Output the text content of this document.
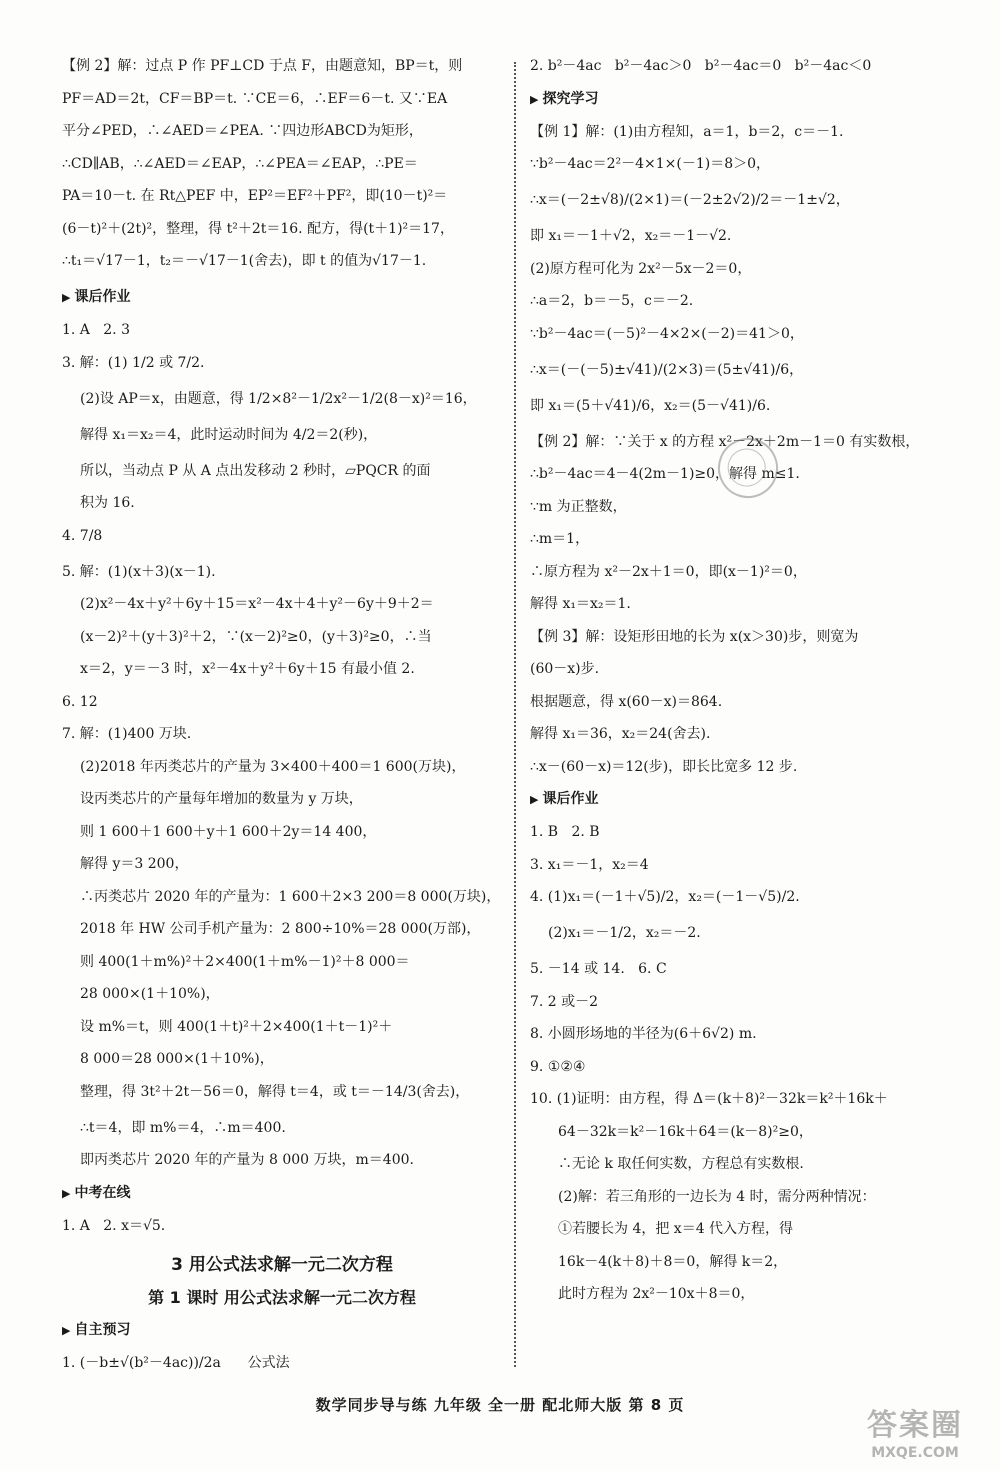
【例 2】解：过点 P 作 PF⊥CD 于点 F，由题意知，BP＝t，则
PF＝AD＝2t，CF＝BP＝t. ∵CE＝6，∴EF＝6－t. 又∵EA
平分∠PED，∴∠AED＝∠PEA. ∵四边形ABCD为矩形，
∴CD∥AB，∴∠AED＝∠EAP，∴∠PEA＝∠EAP，∴PE＝
PA＝10－t. 在 Rt△PEF 中，EP²＝EF²＋PF²，即(10－t)²＝
(6－t)²＋(2t)²，整理，得 t²＋2t＝16. 配方，得(t＋1)²＝17，
∴t₁＝√17－1，t₂＝－√17－1(舍去)，即 t 的值为√17－1.
▶ 课后作业
1. A   2. 3
3. 解：(1) 1/2 或 7/2.
(2)设 AP＝x，由题意，得 1/2×8²－1/2x²－1/2(8－x)²＝16，
解得 x₁＝x₂＝4，此时运动时间为 4/2＝2(秒)，
所以，当动点 P 从 A 点出发移动 2 秒时，▱PQCR 的面
积为 16.
4. 7/8
5. 解：(1)(x＋3)(x－1).
(2)x²－4x＋y²＋6y＋15＝x²－4x＋4＋y²－6y＋9＋2＝
(x－2)²＋(y＋3)²＋2，∵(x－2)²≥0，(y＋3)²≥0，∴当
x＝2，y＝－3 时，x²－4x＋y²＋6y＋15 有最小值 2.
6. 12
7. 解：(1)400 万块.
(2)2018 年丙类芯片的产量为 3×400＋400＝1 600(万块)，
设丙类芯片的产量每年增加的数量为 y 万块，
则 1 600＋1 600＋y＋1 600＋2y＝14 400，
解得 y＝3 200，
∴丙类芯片 2020 年的产量为：1 600＋2×3 200＝8 000(万块)，
2018 年 HW 公司手机产量为：2 800÷10%＝28 000(万部)，
则 400(1＋m%)²＋2×400(1＋m%－1)²＋8 000＝
28 000×(1＋10%)，
设 m%＝t，则 400(1＋t)²＋2×400(1＋t－1)²＋
8 000＝28 000×(1＋10%)，
整理，得 3t²＋2t－56＝0，解得 t＝4，或 t＝－14/3(舍去)，
∴t＝4，即 m%＝4，∴m＝400.
即丙类芯片 2020 年的产量为 8 000 万块，m＝400.
▶ 中考在线
1. A   2. x＝√5.
3 用公式法求解一元二次方程
第 1 课时 用公式法求解一元二次方程
▶ 自主预习
1. (－b±√(b²－4ac))/2a      公式法
2. b²－4ac   b²－4ac＞0   b²－4ac＝0   b²－4ac＜0
▶ 探究学习
【例 1】解：(1)由方程知，a＝1，b＝2，c＝－1.
∵b²－4ac＝2²－4×1×(－1)＝8＞0，
∴x＝(－2±√8)/(2×1)＝(－2±2√2)/2＝－1±√2，
即 x₁＝－1＋√2，x₂＝－1－√2.
(2)原方程可化为 2x²－5x－2＝0，
∴a＝2，b＝－5，c＝－2.
∵b²－4ac＝(－5)²－4×2×(－2)＝41＞0，
∴x＝(－(－5)±√41)/(2×3)＝(5±√41)/6，
即 x₁＝(5＋√41)/6，x₂＝(5－√41)/6.
【例 2】解：∵关于 x 的方程 x²－2x＋2m－1＝0 有实数根，
∴b²－4ac＝4－4(2m－1)≥0，解得 m≤1.
∵m 为正整数，
∴m＝1，
∴原方程为 x²－2x＋1＝0，即(x－1)²＝0，
解得 x₁＝x₂＝1.
【例 3】解：设矩形田地的长为 x(x＞30)步，则宽为
(60－x)步.
根据题意，得 x(60－x)＝864.
解得 x₁＝36，x₂＝24(舍去).
∴x－(60－x)＝12(步)，即长比宽多 12 步.
▶ 课后作业
1. B   2. B
3. x₁＝－1，x₂＝4
4. (1)x₁＝(－1＋√5)/2，x₂＝(－1－√5)/2.
(2)x₁＝－1/2，x₂＝－2.
5. －14 或 14.   6. C
7. 2 或－2
8. 小圆形场地的半径为(6＋6√2) m.
9. ①②④
10. (1)证明：由方程，得 Δ＝(k＋8)²－32k＝k²＋16k＋
64－32k＝k²－16k＋64＝(k－8)²≥0，
∴无论 k 取任何实数，方程总有实数根.
(2)解：若三角形的一边长为 4 时，需分两种情况：
①若腰长为 4，把 x＝4 代入方程，得
16k－4(k＋8)＋8＝0，解得 k＝2，
此时方程为 2x²－10x＋8＝0，
数学同步导与练 九年级 全一册 配北师大版 第 8 页
答案圈
MXQE.COM
